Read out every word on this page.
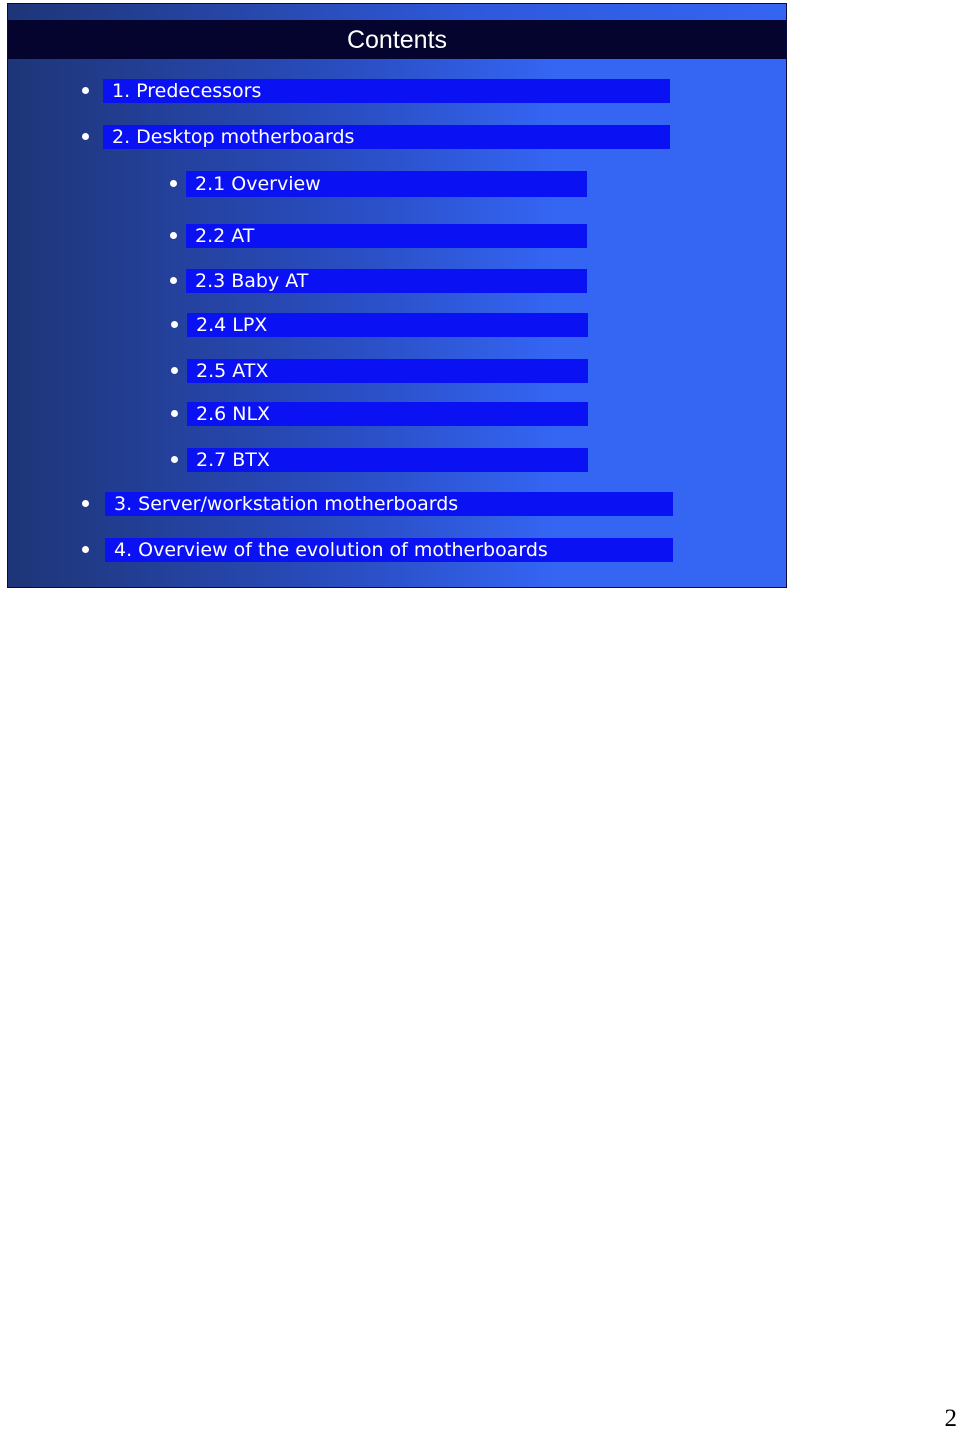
Contents
1. Predecessors
2. Desktop motherboards
2.1 Overview
2.2 AT
2.3 Baby AT
2.4 LPX
2.5 ATX
2.6 NLX
2.7 BTX
3. Server/workstation motherboards
4. Overview of the evolution of motherboards
2
